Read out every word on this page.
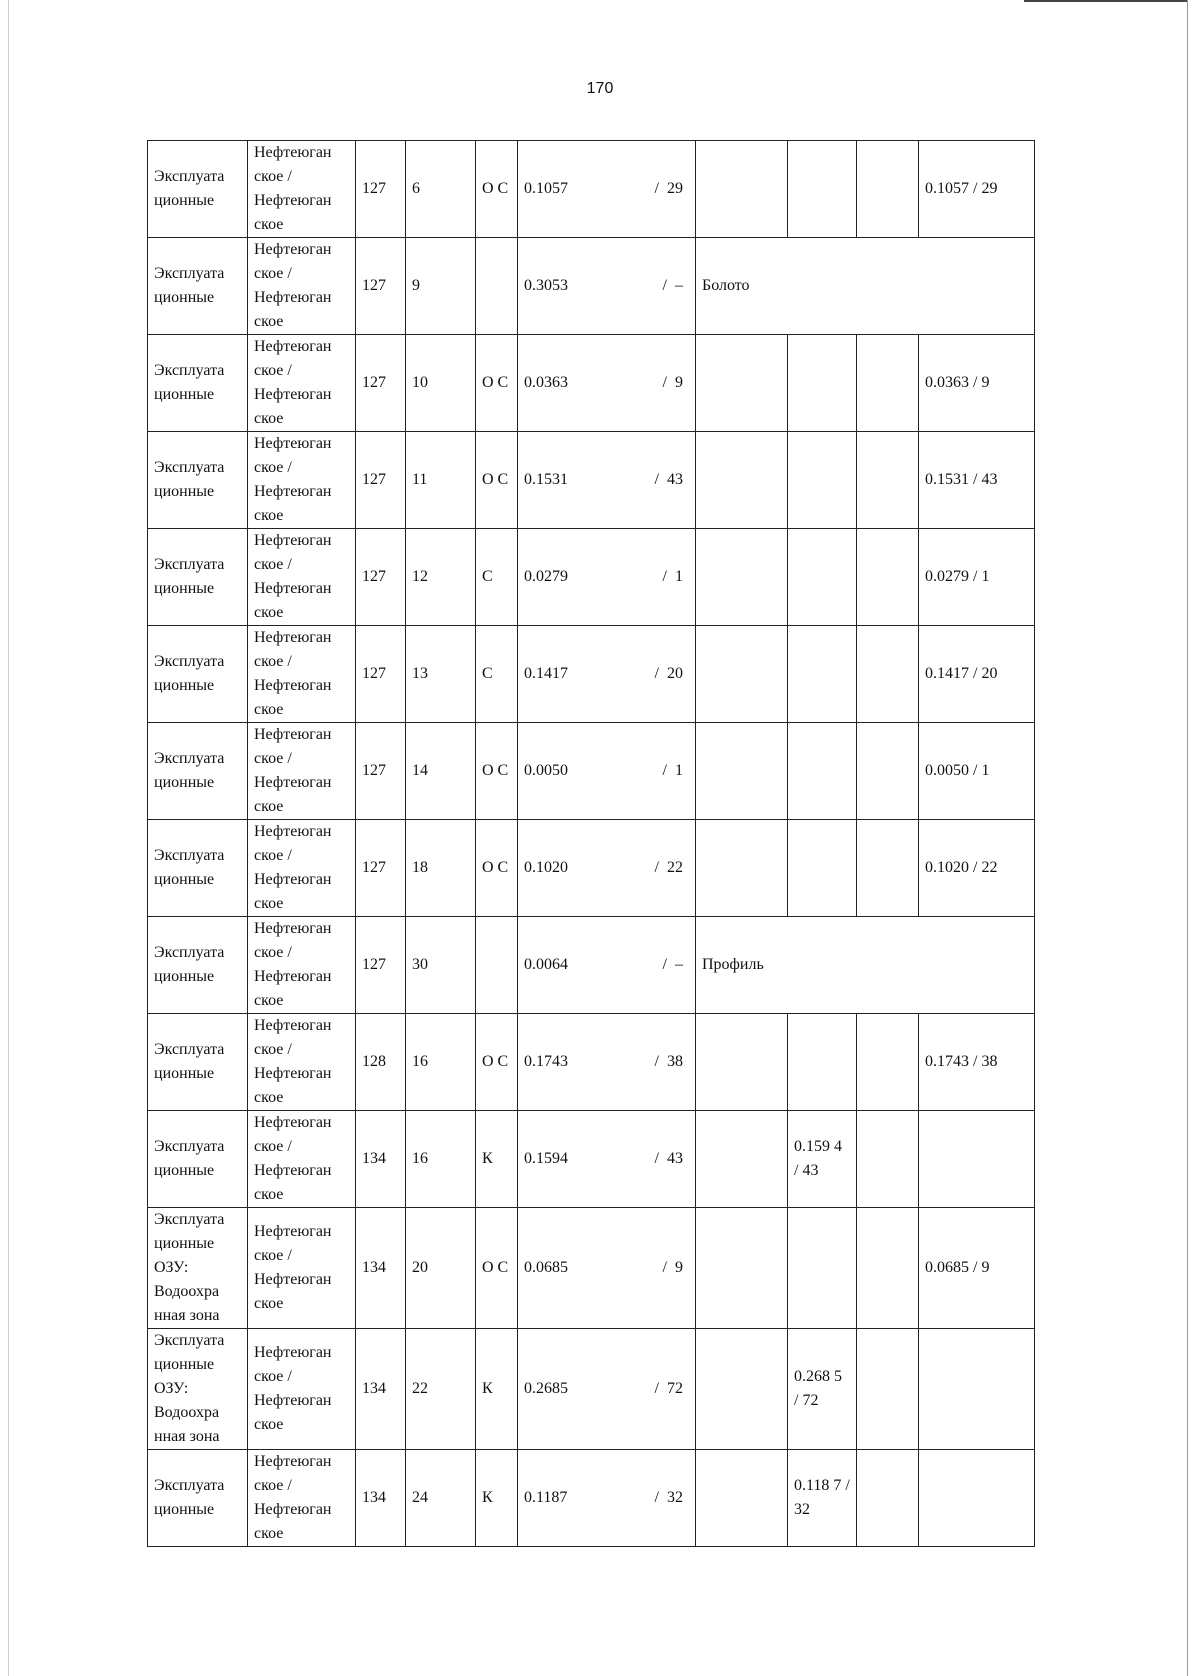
170
Эксплуата ционные	Нефтеюган ское / Нефтеюган ское	127	6	О С	0.1057 / 29				0.1057 / 29
Эксплуата ционные	Нефтеюган ское / Нефтеюган ское	127	9		0.3053 / –	Болото			
Эксплуата ционные	Нефтеюган ское / Нефтеюган ское	127	10	О С	0.0363 / 9				0.0363 / 9
Эксплуата ционные	Нефтеюган ское / Нефтеюган ское	127	11	О С	0.1531 / 43				0.1531 / 43
Эксплуата ционные	Нефтеюган ское / Нефтеюган ское	127	12	С	0.0279 / 1				0.0279 / 1
Эксплуата ционные	Нефтеюган ское / Нефтеюган ское	127	13	С	0.1417 / 20				0.1417 / 20
Эксплуата ционные	Нефтеюган ское / Нефтеюган ское	127	14	О С	0.0050 / 1				0.0050 / 1
Эксплуата ционные	Нефтеюган ское / Нефтеюган ское	127	18	О С	0.1020 / 22				0.1020 / 22
Эксплуата ционные	Нефтеюган ское / Нефтеюган ское	127	30		0.0064 / –	Профиль			
Эксплуата ционные	Нефтеюган ское / Нефтеюган ское	128	16	О С	0.1743 / 38				0.1743 / 38
Эксплуата ционные	Нефтеюган ское / Нефтеюган ское	134	16	К	0.1594 / 43		0.159 4 / 43		
Эксплуата ционные ОЗУ: Водоохра нная зона	Нефтеюган ское / Нефтеюган ское	134	20	О С	0.0685 / 9				0.0685 / 9
Эксплуата ционные ОЗУ: Водоохра нная зона	Нефтеюган ское / Нефтеюган ское	134	22	К	0.2685 / 72		0.268 5 / 72		
Эксплуата ционные	Нефтеюган ское / Нефтеюган ское	134	24	К	0.1187 / 32		0.118 7 / 32		
